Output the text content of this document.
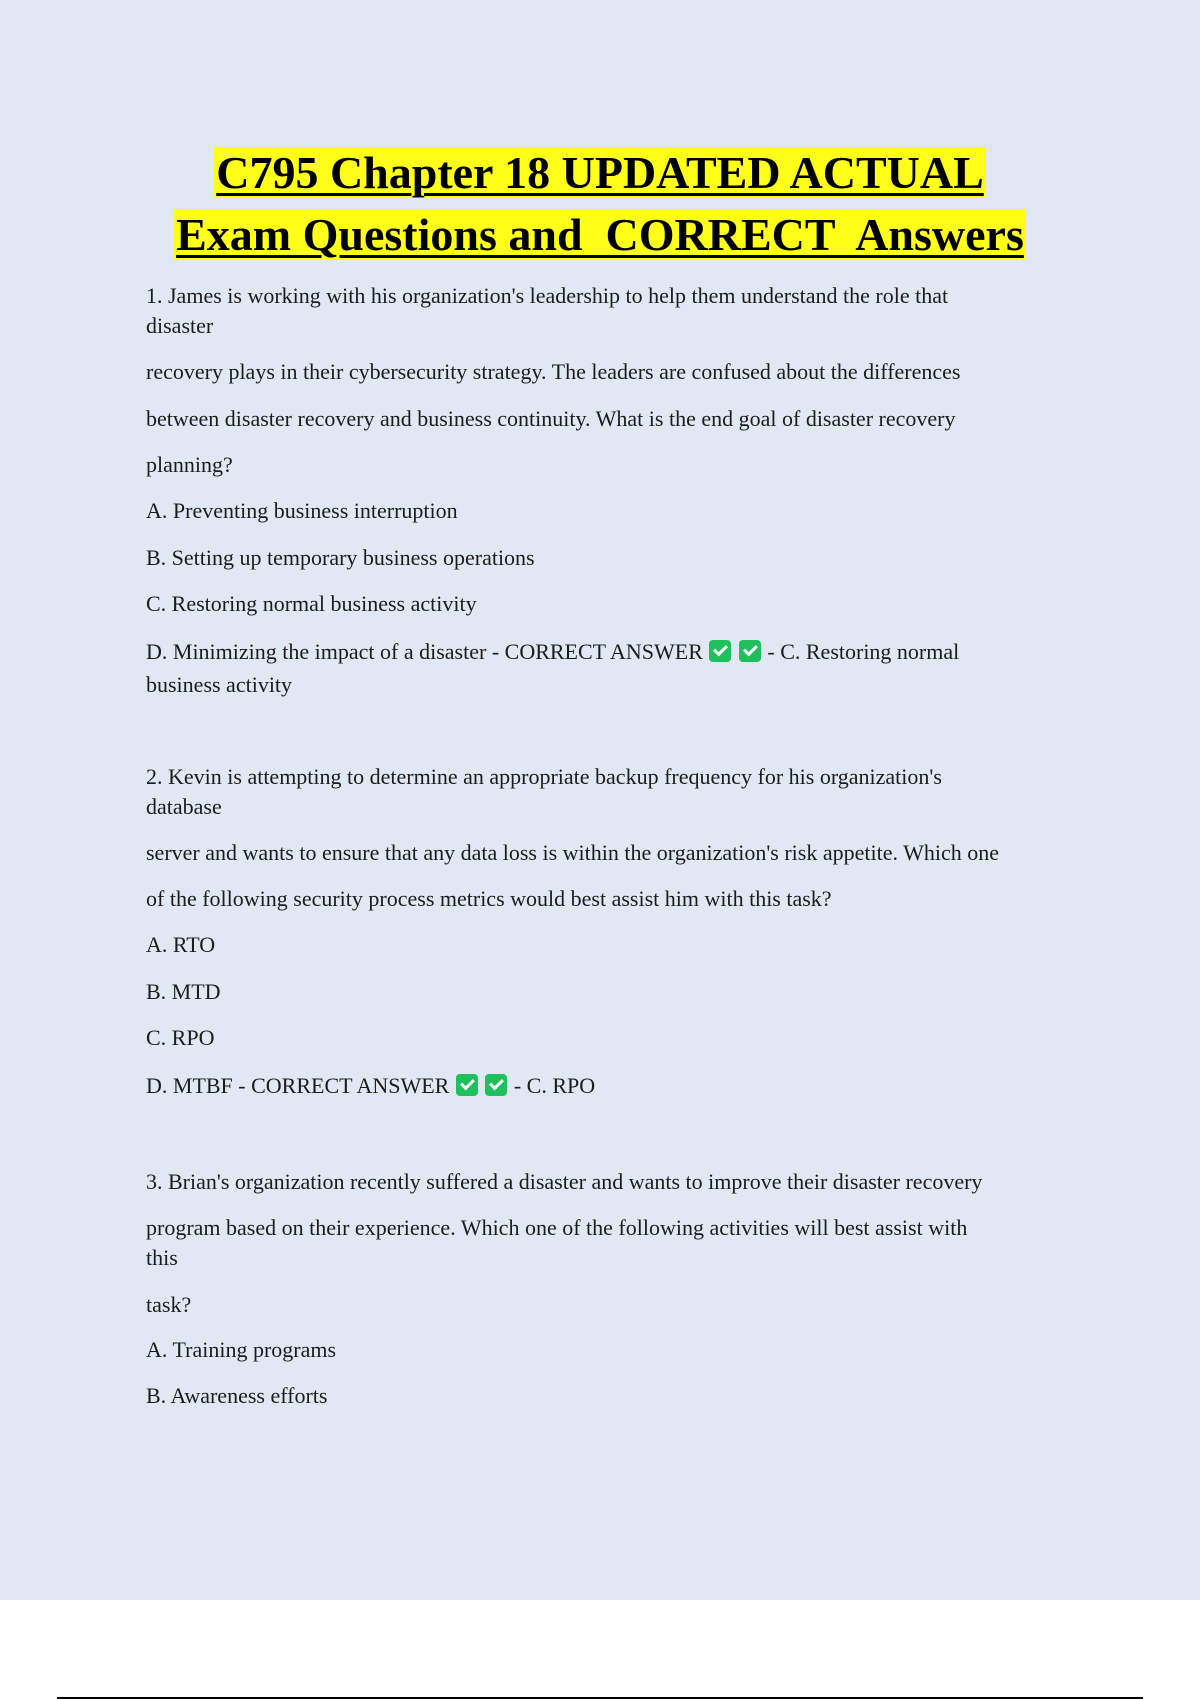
C795 Chapter 18 UPDATED ACTUAL
Exam Questions and  CORRECT  Answers
1. James is working with his organization's leadership to help them understand the role that
disaster
recovery plays in their cybersecurity strategy. The leaders are confused about the differences
between disaster recovery and business continuity. What is the end goal of disaster recovery
planning?
A. Preventing business interruption
B. Setting up temporary business operations
C. Restoring normal business activity
D. Minimizing the impact of a disaster - CORRECT ANSWER	- C. Restoring normal
business activity
2. Kevin is attempting to determine an appropriate backup frequency for his organization's
database
server and wants to ensure that any data loss is within the organization's risk appetite. Which one
of the following security process metrics would best assist him with this task?
A. RTO
B. MTD
C. RPO
D. MTBF - CORRECT ANSWER	- C. RPO
3. Brian's organization recently suffered a disaster and wants to improve their disaster recovery
program based on their experience. Which one of the following activities will best assist with
this
task?
A. Training programs
B. Awareness efforts
